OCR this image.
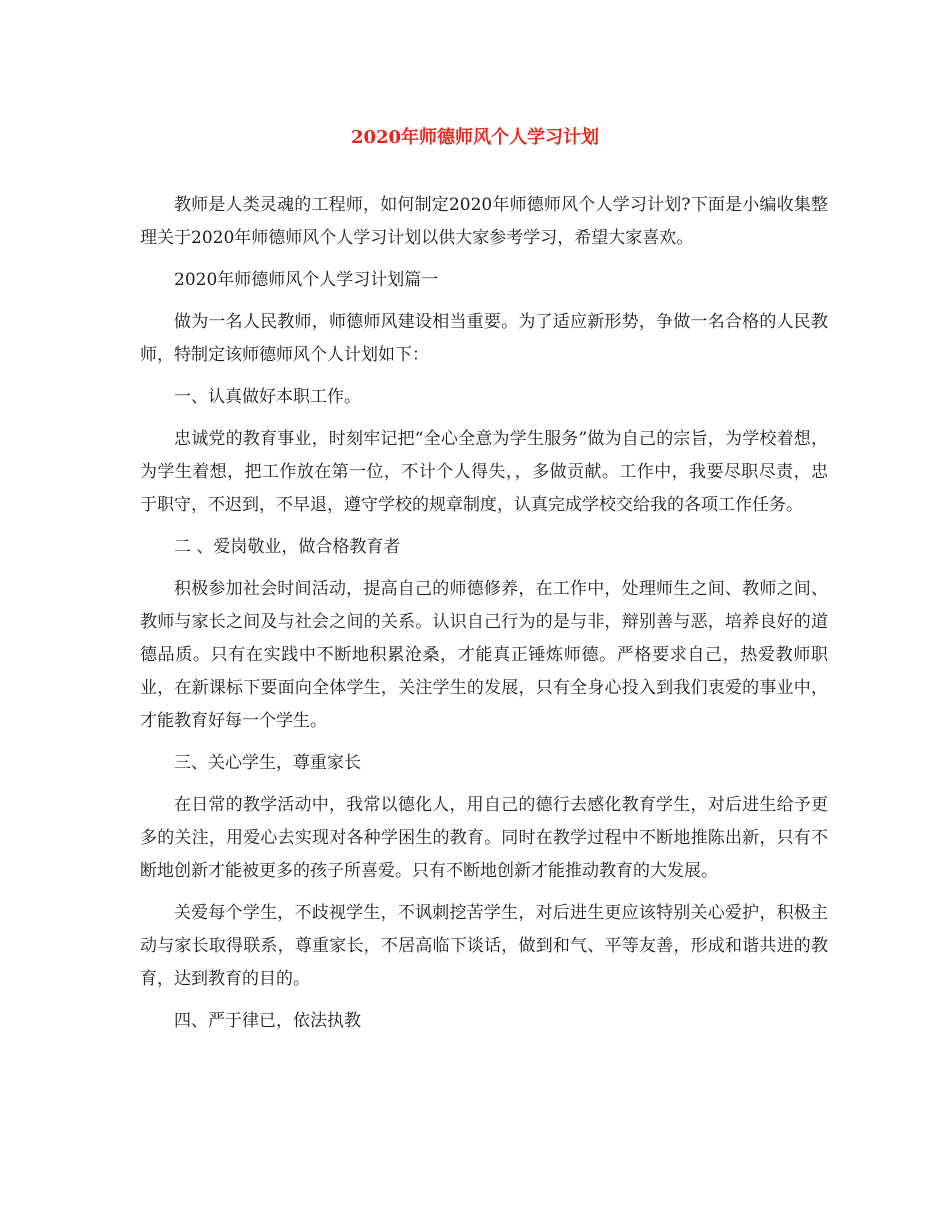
2020年师德师风个人学习计划

教师是人类灵魂的工程师，如何制定2020年师德师风个人学习计划?下面是小编收集整理关于2020年师德师风个人学习计划以供大家参考学习，希望大家喜欢。

2020年师德师风个人学习计划篇一

做为一名人民教师，师德师风建设相当重要。为了适应新形势，争做一名合格的人民教师，特制定该师德师风个人计划如下：

一、认真做好本职工作。

忠诚党的教育事业，时刻牢记把“全心全意为学生服务”做为自己的宗旨，为学校着想，为学生着想，把工作放在第一位，不计个人得失，，多做贡献。工作中，我要尽职尽责，忠于职守，不迟到，不早退，遵守学校的规章制度，认真完成学校交给我的各项工作任务。

二 、爱岗敬业，做合格教育者

积极参加社会时间活动，提高自己的师德修养，在工作中，处理师生之间、教师之间、教师与家长之间及与社会之间的关系。认识自己行为的是与非，辩别善与恶，培养良好的道德品质。只有在实践中不断地积累沧桑，才能真正锤炼师德。严格要求自己，热爱教师职业，在新课标下要面向全体学生，关注学生的发展，只有全身心投入到我们衷爱的事业中，才能教育好每一个学生。

三、关心学生，尊重家长

在日常的教学活动中，我常以德化人，用自己的德行去感化教育学生，对后进生给予更多的关注，用爱心去实现对各种学困生的教育。同时在教学过程中不断地推陈出新，只有不断地创新才能被更多的孩子所喜爱。只有不断地创新才能推动教育的大发展。

关爱每个学生，不歧视学生，不讽刺挖苦学生，对后进生更应该特别关心爱护，积极主动与家长取得联系，尊重家长，不居高临下谈话，做到和气、平等友善，形成和谐共进的教育，达到教育的目的。

四、严于律已，依法执教
